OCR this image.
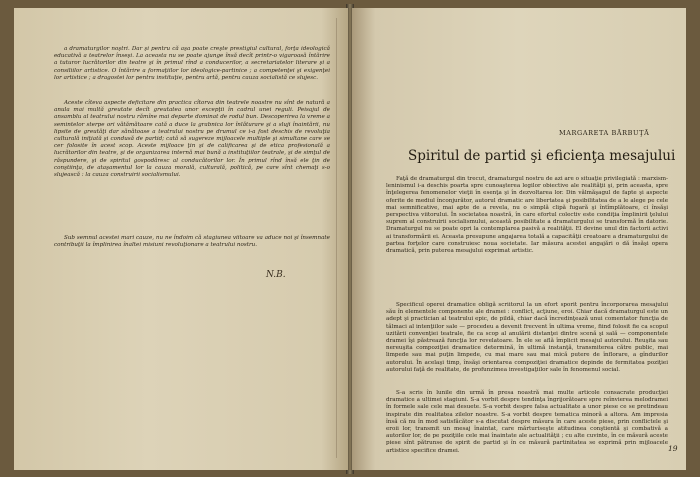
a dramaturgilor noştri. Dar şi pentru că aşa poate creşte prestigiul cultural, forţa ideologică educativă a teatrelor înseşi. La aceasta nu se poate ajunge însă decît printr-o vigaroasă întărire a tuturor lucrătorilor din teatre şi în primul rînd a conducerilor, a secretariatelor literare şi a consiliilor artistice. O întărire a formaţiilor lor ideologice-partinice ; a competenţei şi exigenţei lor artistice ; a dragostei lor pentru instituţie, pentru artă, pentru cauza socialistă ce slujesc.

Aceste cîteva aspecte deficitare din practica cîtorva din teatrele noastre nu sînt de natură a anula mai multă greutate decît greutatea unor excepţii în cadrul unei reguli. Peisajul de ansamblu al teatrului nostru rămîne mai departe dominat de rodul bun. Descoperirea la vreme a semintelor sterpe ori vătămătoare cată a duce la grabnica lor înlăturare şi a sluji înaintării, nu lipsite de greutăţi dar sănătoase a teatrului nostru pe drumul ce i-a fost deschis de revoluţia culturală iniţiată şi condusă de partid; cată să sugereze mijloacele multiple şi simultane care se cer folosite în acest scop. Aceste mijloace ţin şi de calificarea şi de etica profesională a lucrătorilor din teatre, şi de organizarea internă mai bună a instituţiilor teatrale, şi de simţul de răspundere, şi de spiritul gospodăresc al conducătorilor lor. În primul rînd însă ele ţin de conştiinţa, de ataşamentul lor la cauza morală, culturală, politică, pe care sînt chemaţi s-o slujească : la cauza construirii socialismului.

Sub semnul acestei mari cauze, nu ne îndoim că stagiunea viitoare va aduce noi şi însemnate contribuţii la împlinirea înaltei misiuni revoluţionare a teatrului nostru.

N.B.
MARGARETA BĂRBUŢĂ
Spiritul de partid şi eficienţa mesajului

Faţă de dramaturgul din trecut, dramaturgul nostru de azi are o situaţie privilegiată : marxism-leninismul i-a deschis poarta spre cunoaşterea legilor obiective ale realităţii şi, prin aceasta, spre înţelegerea fenomenelor vieţii în esenţa şi în dezvoltarea lor. Din vălmăşagul de fapte şi aspecte oferite de mediul înconjurător, autorul dramatic are libertatea şi posibilitatea de a le alege pe cele mai semnificative, mai apte de a revela, nu o simplă clipă fugară şi întîmplătoare, ci însăşi perspectiva viitorului. În societatea noastră, în care efortul colectiv este condiţia împlinirii ţelului suprem al construirii socialismului, această posibilitate a dramaturgului se transformă în datorie. Dramaturgul nu se poate opri la contemplarea pasivă a realităţii. El devine unul din factorii activi ai transformării ei. Aceasta presupune angajarea totală a capacităţii creatoare a dramaturgului de partea forţelor care construiesc noua societate. Iar măsura acestei angajări o dă însăşi opera dramatică, prin puterea mesajului exprimat artistic.

Specificul operei dramatice obligă scriitorul la un efort sporit pentru încorporarea mesajului său în elementele componente ale dramei : conflict, acţiune, eroi. Chiar dacă dramaturgul este un adept şi practician al teatrului epic, de pildă, chiar dacă încredinţează unui comentator funcţia de tălmaci al intenţiilor sale — procedeu a devenit frecvent în ultima vreme, fiind folosit fie ca scopul uzitării convenţiei teatrale, fie ca scop al anulării distanţei dintre scenă şi sală — componentele dramei îşi păstrează funcţia lor revelatoare. În ele se află împlicit mesajul autorului. Reuşita sau nereuşita compoziţiei dramatice determină, în ultimă instanţă, transmiterea către public, mai limpede sau mai puţin limpede, cu mai mare sau mai mică putere de înflorare, a gîndurilor autorului. În acelaşi timp, însăşi orientarea compoziţiei dramatice depinde de fermitatea poziţiei autorului faţă de realitate, de profunzimea investigaţiilor sale în fenomenul social.

S-a scris în lunile din urmă în presa noastră mai multe articole consacrate producţiei dramatice a ultimei stagiuni. S-a vorbit despre tendinţa îngrijorătoare spre reînvierea melodramei în formele sale cele mai desuete. S-a vorbit despre falsa actualitate a unor piese ce se pretindeau inspirate din realitatea zilelor noastre. S-a vorbit despre tematica minoră a altora. Am impresia însă că nu în mod satisfăcător s-a discutat despre măsura în care aceste piese, prin conflictele şi eroii lor, transmit un mesaj înaintat, care mărturiseşte atitudinea conştientă şi combativă a autorilor lor, de pe poziţiile cele mai înaintate ale actualităţii ; cu alte cuvinte, în ce măsură aceste piese sînt pătrunse de spirit de partid şi în ce măsură partinitatea se exprimă prin mijloacele artistice specifice dramei.	19
